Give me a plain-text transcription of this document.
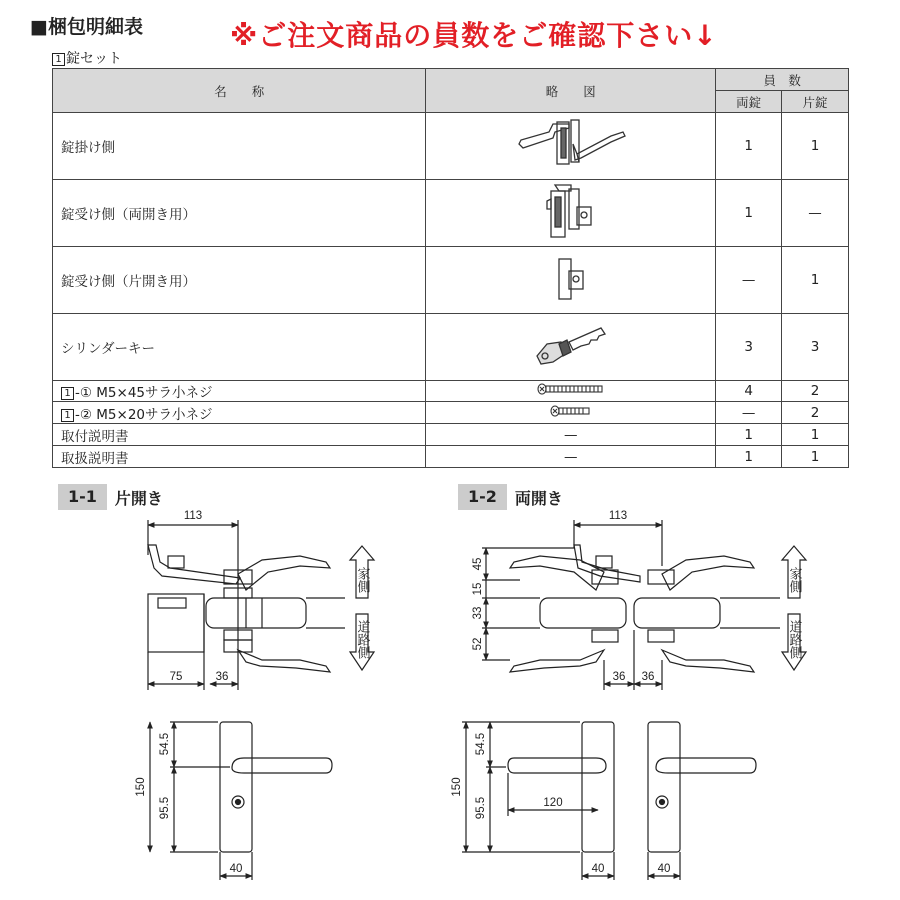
■梱包明細表	※ご注文商品の員数をご確認下さい↓
1 錠セット
名　　称	略　　図	員　数	
		両錠	片錠
錠掛け側		1	1
錠受け側（両開き用）		1	—
錠受け側（片開き用）		—	1
シリンダーキー		3	3
1 -① M5×45サラ小ネジ		4	2
1 -② M5×20サラ小ネジ		—	2
取付説明書	—	1	1
取扱説明書	—	1	1
1-1	片開き	1-2	両開き
113
75	36
家側
道路側
150
54.5
95.5
40
113
45
15
33
52
36 36
家側
道路側
150
54.5
95.5	120
40	40
